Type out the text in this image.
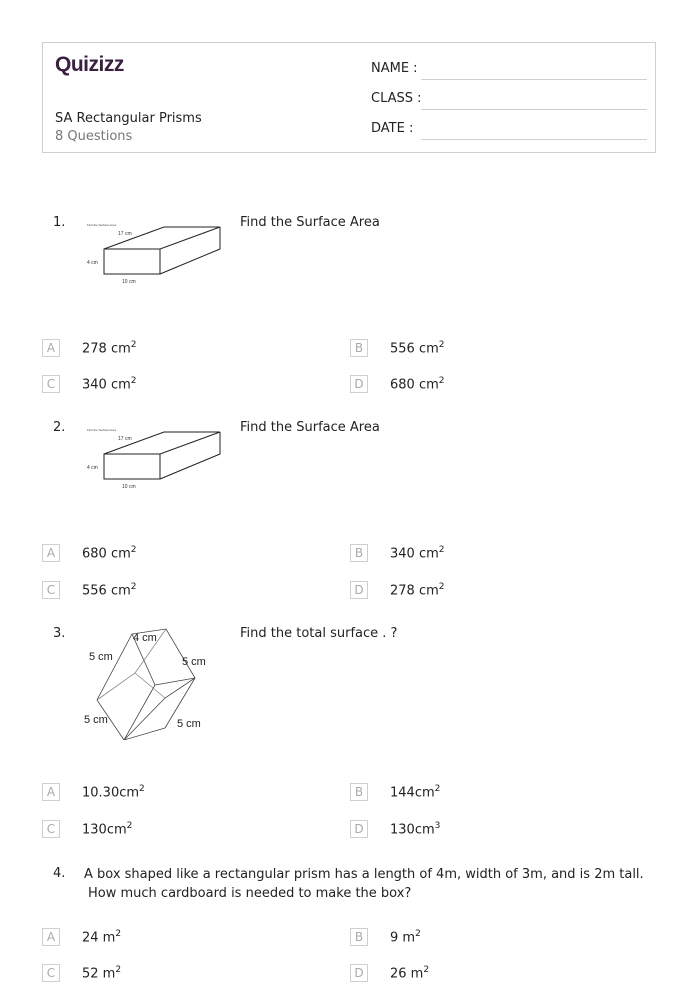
Quizizz
SA Rectangular Prisms
8 Questions
NAME :
CLASS :
DATE :
1.	Find the Surface Area
17 cm
4 cm
10 cm
Find the Surface Area
A	278 $cm^2$	B	556 $cm^2$
C	340 $cm^2$	D	680 $cm^2$
2.	Find the Surface Area
17 cm
4 cm
10 cm
Find the Surface Area
A	680 $cm^2$	B	340 $cm^2$
C	556 $cm^2$	D	278 $cm^2$
3.	4 cm
5 cm	5 cm
5 cm	5 cm
Find the total surface . ?
A	$10.30cm^2$	B	$144cm^2$
C	$130cm^2$	D	$130cm^3$
4. A box shaped like a rectangular prism has a length of 4m, width of 3m, and is 2m tall.
How much cardboard is needed to make the box?
A	24 $m^2$	B	9 $m^2$
C	52 $m^2$	D	26 $m^2$
